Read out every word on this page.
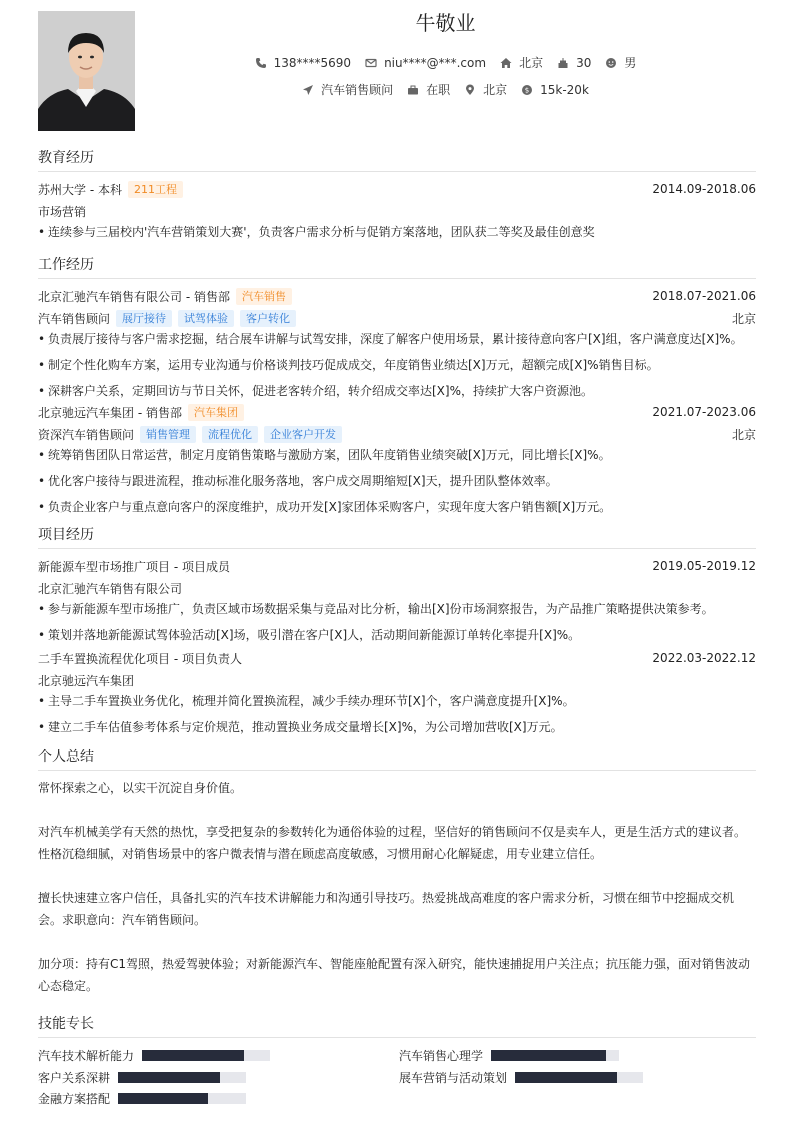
牛敬业
138****5690	niu****@***.com	北京	30	男
汽车销售顾问	在职	北京	$ 15k-20k
教育经历
苏州大学 - 本科	211工程	2014.09-2018.06
市场营销
• 连续参与三届校内'汽车营销策划大赛'，负责客户需求分析与促销方案落地，团队获二等奖及最佳创意奖
工作经历
北京汇驰汽车销售有限公司 - 销售部	汽车销售	2018.07-2021.06
汽车销售顾问	展厅接待	试驾体验	客户转化	北京
• 负责展厅接待与客户需求挖掘，结合展车讲解与试驾安排，深度了解客户使用场景，累计接待意向客户[X]组，客户满意度达[X]%。
• 制定个性化购车方案，运用专业沟通与价格谈判技巧促成成交，年度销售业绩达[X]万元，超额完成[X]%销售目标。
• 深耕客户关系，定期回访与节日关怀，促进老客转介绍，转介绍成交率达[X]%，持续扩大客户资源池。
北京驰远汽车集团 - 销售部	汽车集团	2021.07-2023.06
资深汽车销售顾问	销售管理	流程优化	企业客户开发	北京
• 统筹销售团队日常运营，制定月度销售策略与激励方案，团队年度销售业绩突破[X]万元，同比增长[X]%。
• 优化客户接待与跟进流程，推动标准化服务落地，客户成交周期缩短[X]天，提升团队整体效率。
• 负责企业客户与重点意向客户的深度维护，成功开发[X]家团体采购客户，实现年度大客户销售额[X]万元。
项目经历
新能源车型市场推广项目 - 项目成员	2019.05-2019.12
北京汇驰汽车销售有限公司
• 参与新能源车型市场推广，负责区域市场数据采集与竞品对比分析，输出[X]份市场洞察报告，为产品推广策略提供决策参考。
• 策划并落地新能源试驾体验活动[X]场，吸引潜在客户[X]人，活动期间新能源订单转化率提升[X]%。
二手车置换流程优化项目 - 项目负责人	2022.03-2022.12
北京驰远汽车集团
• 主导二手车置换业务优化，梳理并简化置换流程，减少手续办理环节[X]个，客户满意度提升[X]%。
• 建立二手车估值参考体系与定价规范，推动置换业务成交量增长[X]%，为公司增加营收[X]万元。
个人总结

常怀探索之心，以实干沉淀自身价值。

对汽车机械美学有天然的热忱，享受把复杂的参数转化为通俗体验的过程，坚信好的销售顾问不仅是卖车人，更是生活方式的建议者。

性格沉稳细腻，对销售场景中的客户微表情与潜在顾虑高度敏感，习惯用耐心化解疑虑，用专业建立信任。

擅长快速建立客户信任，具备扎实的汽车技术讲解能力和沟通引导技巧。热爱挑战高难度的客户需求分析，习惯在细节中挖掘成交机

会。求职意向：汽车销售顾问。

加分项：持有C1驾照，热爱驾驶体验；对新能源汽车、智能座舱配置有深入研究，能快速捕捉用户关注点；抗压能力强，面对销售波动

心态稳定。

技能专长
汽车技术解析能力	汽车销售心理学
客户关系深耕	展车营销与活动策划
金融方案搭配
